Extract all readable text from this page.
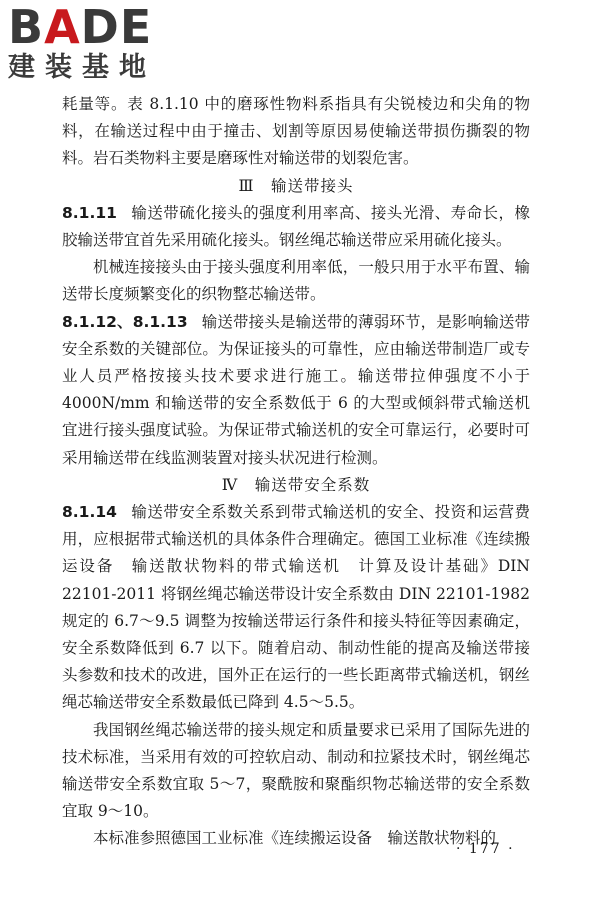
BADE
建装基地

耗量等。表 8.1.10 中的磨琢性物料系指具有尖锐棱边和尖角的物料，在输送过程中由于撞击、划割等原因易使输送带损伤撕裂的物料。岩石类物料主要是磨琢性对输送带的划裂危害。

Ⅲ　输送带接头

8.1.11 输送带硫化接头的强度利用率高、接头光滑、寿命长，橡胶输送带宜首先采用硫化接头。钢丝绳芯输送带应采用硫化接头。

机械连接接头由于接头强度利用率低，一般只用于水平布置、输送带长度频繁变化的织物整芯输送带。

8.1.12、8.1.13 输送带接头是输送带的薄弱环节，是影响输送带安全系数的关键部位。为保证接头的可靠性，应由输送带制造厂或专业人员严格按接头技术要求进行施工。输送带拉伸强度不小于 4000N/mm 和输送带的安全系数低于 6 的大型或倾斜带式输送机宜进行接头强度试验。为保证带式输送机的安全可靠运行，必要时可采用输送带在线监测装置对接头状况进行检测。

Ⅳ　输送带安全系数

8.1.14 输送带安全系数关系到带式输送机的安全、投资和运营费用，应根据带式输送机的具体条件合理确定。德国工业标准《连续搬运设备　输送散状物料的带式输送机　计算及设计基础》DIN 22101-2011 将钢丝绳芯输送带设计安全系数由 DIN 22101-1982 规定的 6.7～9.5 调整为按输送带运行条件和接头特征等因素确定，安全系数降低到 6.7 以下。随着启动、制动性能的提高及输送带接头参数和技术的改进，国外正在运行的一些长距离带式输送机，钢丝绳芯输送带安全系数最低已降到 4.5～5.5。

我国钢丝绳芯输送带的接头规定和质量要求已采用了国际先进的技术标准，当采用有效的可控软启动、制动和拉紧技术时，钢丝绳芯输送带安全系数宜取 5～7，聚酰胺和聚酯织物芯输送带的安全系数宜取 9～10。

本标准参照德国工业标准《连续搬运设备　输送散状物料的

· 177 ·
